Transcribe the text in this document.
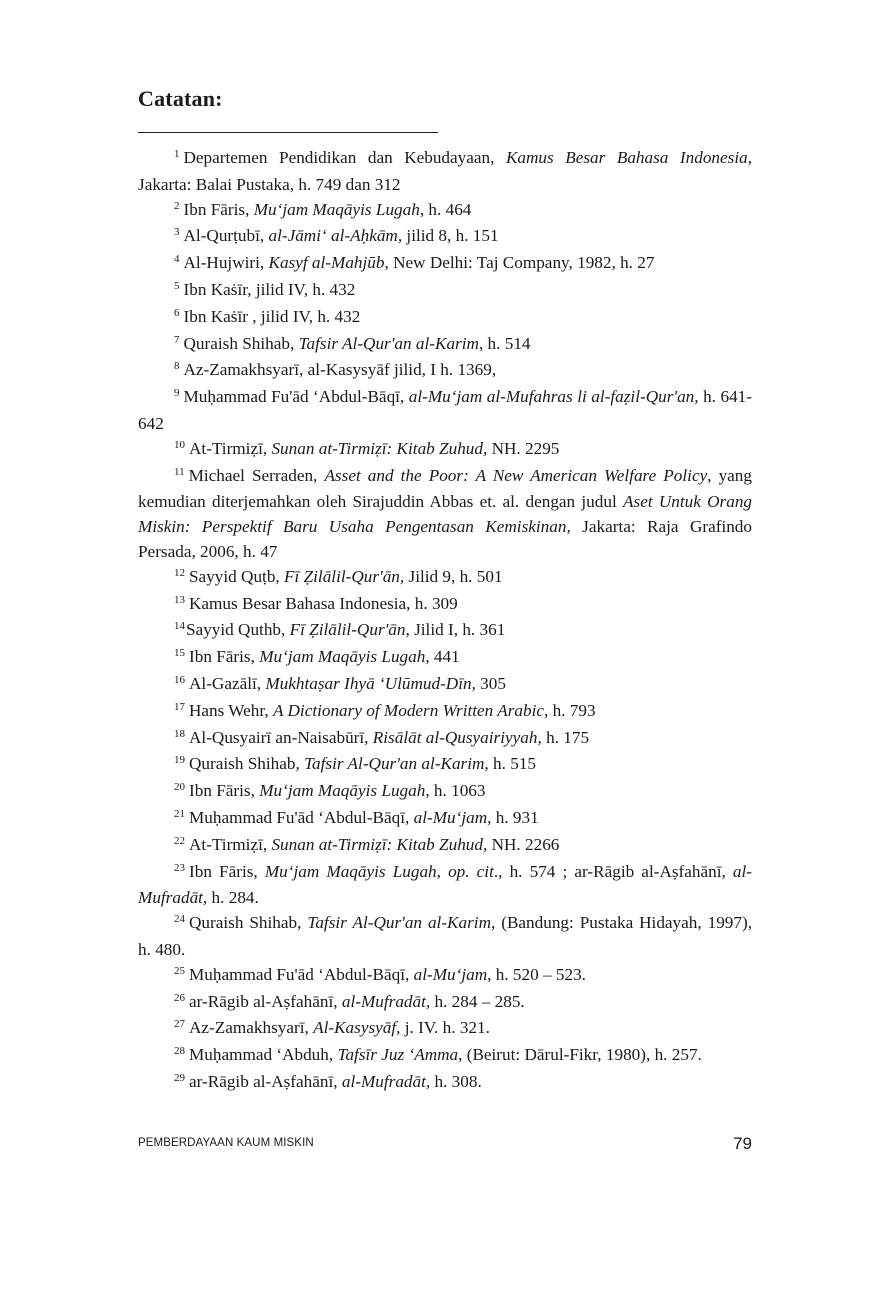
Catatan:

$^1$ Departemen Pendidikan dan Kebudayaan, Kamus Besar Bahasa Indonesia, Jakarta: Balai Pustaka, h. 749 dan 312

$^2$ Ibn Fāris, Mu‘jam Maqāyis Lugah, h. 464

$^3$ Al-Qurṭubī, al-Jāmi‘ al-Aḥkām, jilid 8, h. 151

$^4$ Al-Hujwiri, Kasyf al-Mahjūb, New Delhi: Taj Company, 1982, h. 27

$^5$ Ibn Kaṡīr, jilid IV, h. 432

$^6$ Ibn Kaṡīr , jilid IV, h. 432

$^7$ Quraish Shihab, Tafsir Al-Qur'an al-Karim, h. 514

$^8$ Az-Zamakhsyarī, al-Kasysyāf jilid, I h. 1369,

$^9$ Muḥammad Fu'ād ‘Abdul-Bāqī, al-Mu‘jam al-Mufahras li al-faẓil-Qur'an, h. 641-642

$^{10}$ At-Tirmiẓī, Sunan at-Tirmiẓī: Kitab Zuhud, NH. 2295

$^{11}$ Michael Serraden, Asset and the Poor: A New American Welfare Policy, yang kemudian diterjemahkan oleh Sirajuddin Abbas et. al. dengan judul Aset Untuk Orang Miskin: Perspektif Baru Usaha Pengentasan Kemiskinan, Jakarta: Raja Grafindo Persada, 2006, h. 47

$^{12}$ Sayyid Quṭb, Fī Ẓilālil-Qur'ān, Jilid 9, h. 501

$^{13}$ Kamus Besar Bahasa Indonesia, h. 309

$^{14}$Sayyid Quthb, Fī Ẓilālil-Qur'ān, Jilid I, h. 361

$^{15}$ Ibn Fāris, Mu‘jam Maqāyis Lugah, 441

$^{16}$ Al-Gazālī, Mukhtaṣar Ihyā ‘Ulūmud-Dīn, 305

$^{17}$ Hans Wehr, A Dictionary of Modern Written Arabic, h. 793

$^{18}$ Al-Qusyairī an-Naisabūrī, Risālāt al-Qusyairiyyah, h. 175

$^{19}$ Quraish Shihab, Tafsir Al-Qur'an al-Karim, h. 515

$^{20}$ Ibn Fāris, Mu‘jam Maqāyis Lugah, h. 1063

$^{21}$ Muḥammad Fu'ād ‘Abdul-Bāqī, al-Mu‘jam, h. 931

$^{22}$ At-Tirmiẓī, Sunan at-Tirmiẓī: Kitab Zuhud, NH. 2266

$^{23}$ Ibn Fāris, Mu‘jam Maqāyis Lugah, op. cit., h. 574 ; ar-Rāgib al-Aṣfahānī, al-Mufradāt, h. 284.

$^{24}$ Quraish Shihab, Tafsir Al-Qur'an al-Karim, (Bandung: Pustaka Hidayah, 1997), h. 480.

$^{25}$ Muḥammad Fu'ād ‘Abdul-Bāqī, al-Mu‘jam, h. 520 – 523.

$^{26}$ ar-Rāgib al-Aṣfahānī, al-Mufradāt, h. 284 – 285.

$^{27}$ Az-Zamakhsyarī, Al-Kasysyāf, j. IV. h. 321.

$^{28}$ Muḥammad ‘Abduh, Tafsīr Juz ‘Amma, (Beirut: Dārul-Fikr, 1980), h. 257.

$^{29}$ ar-Rāgib al-Aṣfahānī, al-Mufradāt, h. 308.

PEMBERDAYAAN KAUM MISKIN	79
